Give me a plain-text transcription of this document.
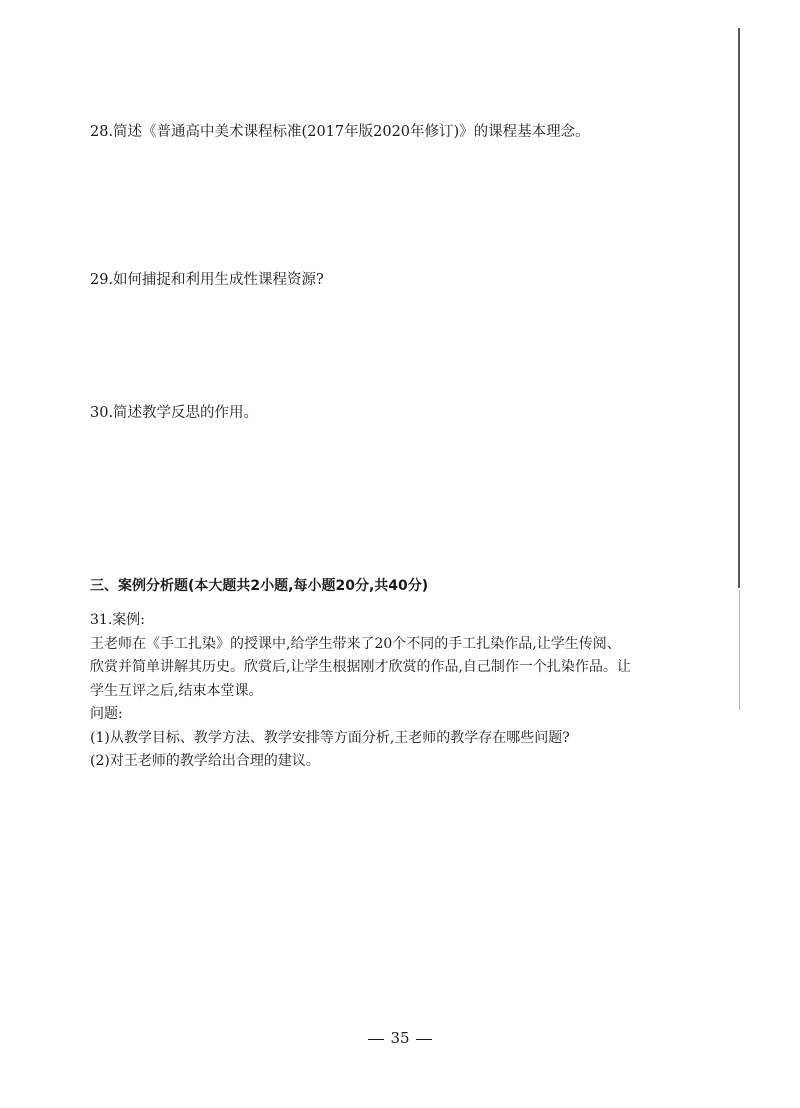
28.简述《普通高中美术课程标准(2017年版2020年修订)》的课程基本理念。
29.如何捕捉和利用生成性课程资源?
30.简述教学反思的作用。
三、案例分析题(本大题共2小题,每小题20分,共40分)
31.案例:
王老师在《手工扎染》的授课中,给学生带来了20个不同的手工扎染作品,让学生传阅、
欣赏并简单讲解其历史。欣赏后,让学生根据刚才欣赏的作品,自己制作一个扎染作品。让
学生互评之后,结束本堂课。
问题:
(1)从教学目标、教学方法、教学安排等方面分析,王老师的教学存在哪些问题?
(2)对王老师的教学给出合理的建议。
35
